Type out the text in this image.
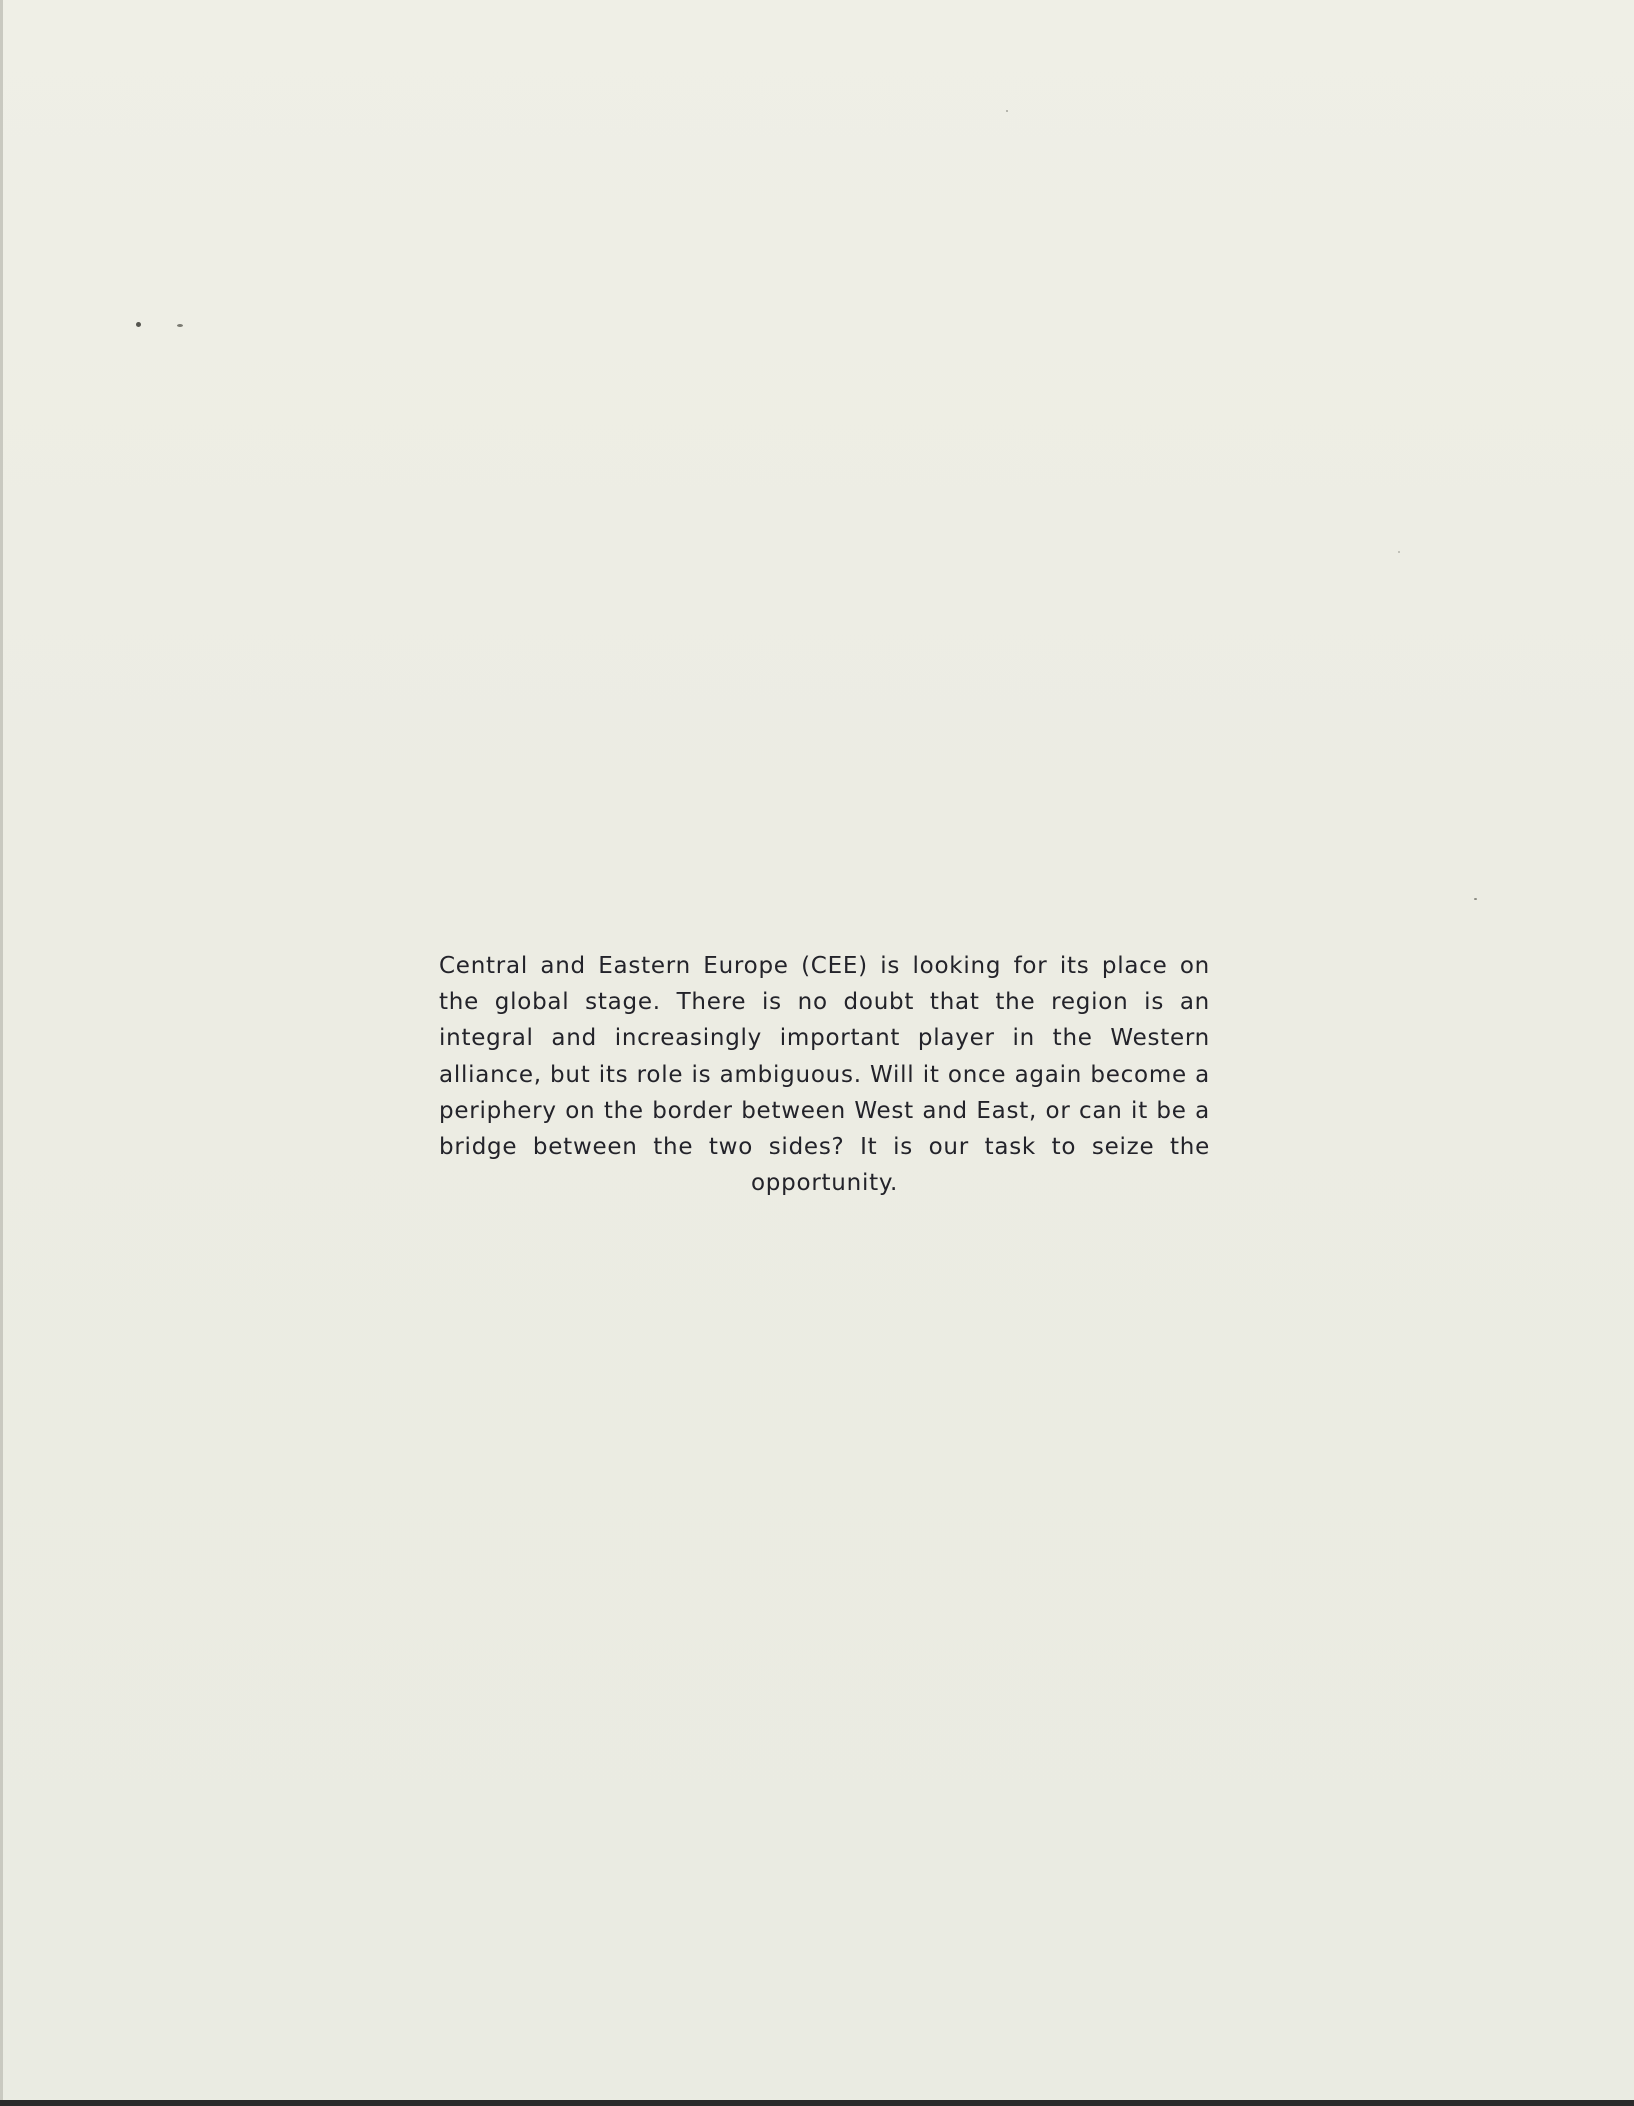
Central and Eastern Europe (CEE) is looking for its place on the global stage. There is no doubt that the region is an integral and increasingly important player in the Western alliance, but its role is ambiguous. Will it once again become a periphery on the border between West and East, or can it be a bridge between the two sides? It is our task to seize the opportunity.
